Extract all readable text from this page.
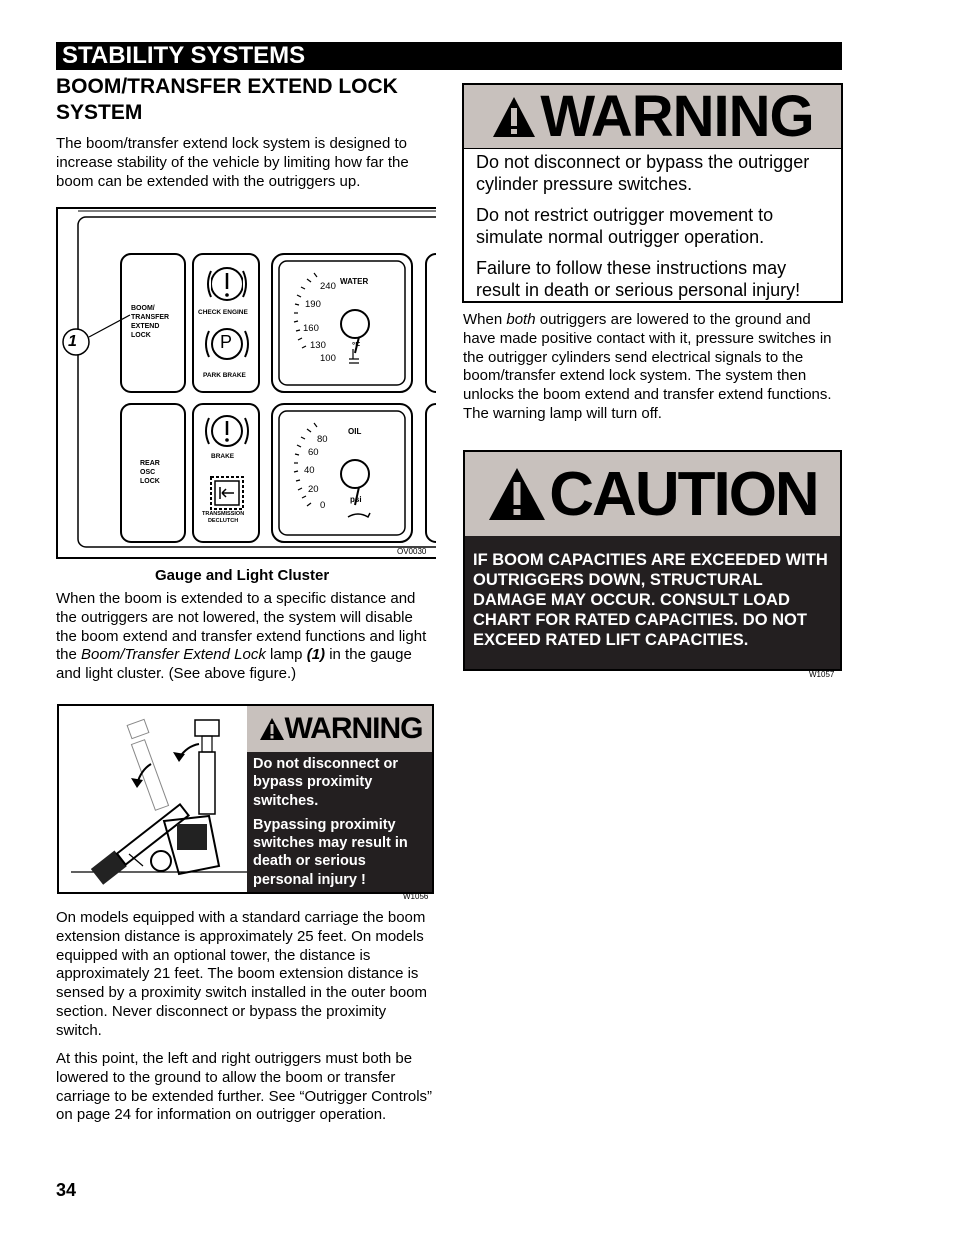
STABILITY SYSTEMS
BOOM/TRANSFER EXTEND LOCK SYSTEM
The boom/transfer extend lock system is designed to increase stability of the vehicle by limiting how far the boom can be extended with the outriggers up.
BOOM/
TRANSFER
EXTEND
LOCK
REAR
OSC
LOCK
CHECK ENGINE
P
PARK BRAKE
BRAKE
TRANSMISSION
DECLUTCH
1
WATER
240
190
160
130
100
°F
OIL
80
60
40
20
0
psi
OV0030
Gauge and Light Cluster
When the boom is extended to a specific distance and the outriggers are not lowered, the system will disable the boom extend and transfer extend functions and light the Boom/Transfer Extend Lock lamp (1) in the gauge and light cluster. (See above figure.)
WARNING
Do not disconnect or bypass proximity switches.
Bypassing proximity switches may result in death or serious personal injury !
W1056
On models equipped with a standard carriage the boom extension distance is approximately 25 feet. On models equipped with an optional tower, the distance is approximately 21 feet. The boom extension distance is sensed by a proximity switch installed in the outer boom section. Never disconnect or bypass the proximity switch.
At this point, the left and right outriggers must both be lowered to the ground to allow the boom or transfer carriage to be extended further. See “Outrigger Controls” on page 24 for information on outrigger operation.
WARNING
Do not disconnect or bypass the outrigger cylinder pressure switches.
Do not restrict outrigger movement to simulate normal outrigger operation.
Failure to follow these instructions may result in death or serious personal injury!
When both outriggers are lowered to the ground and have made positive contact with it, pressure switches in the outrigger cylinders send electrical signals to the boom/transfer extend lock system. The system then unlocks the boom extend and transfer extend functions. The warning lamp will turn off.
CAUTION
IF BOOM CAPACITIES ARE EXCEEDED WITH OUTRIGGERS DOWN, STRUCTURAL DAMAGE MAY OCCUR. CONSULT LOAD CHART FOR RATED CAPACITIES. DO NOT EXCEED RATED LIFT CAPACITIES.
W1057
34
